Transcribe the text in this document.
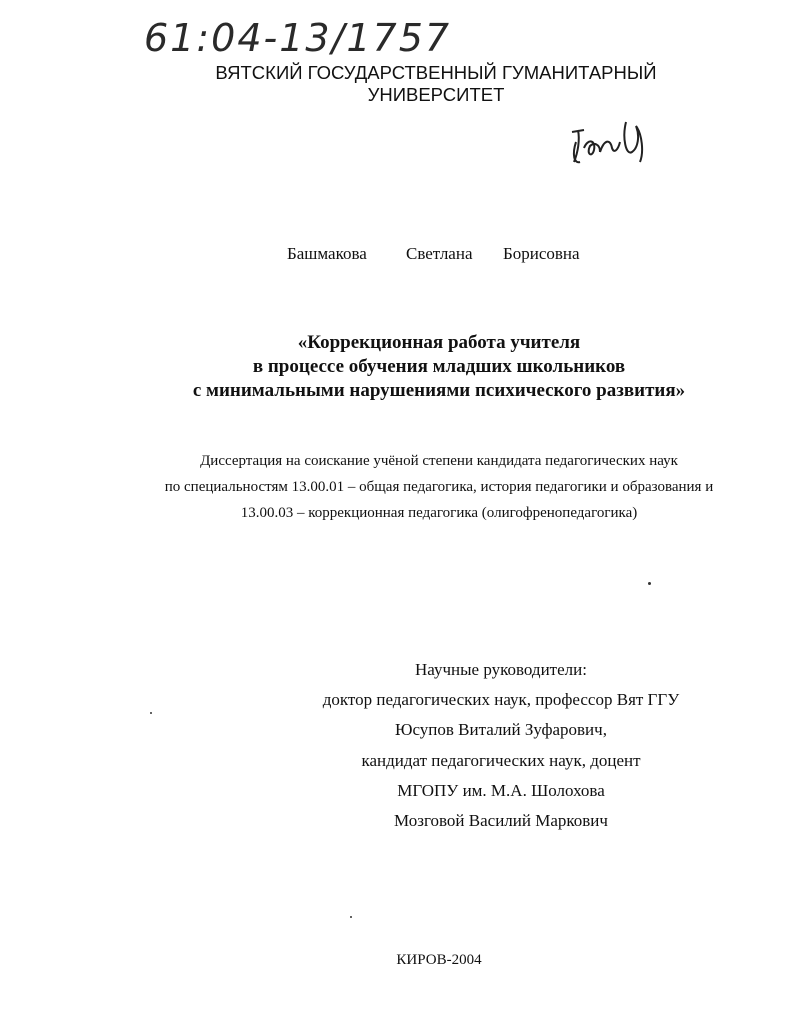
61:04-13/1757
ВЯТСКИЙ ГОСУДАРСТВЕННЫЙ ГУМАНИТАРНЫЙ
УНИВЕРСИТЕТ
Башмакова Светлана Борисовна
«Коррекционная работа учителя
в процессе обучения младших школьников
с минимальными нарушениями психического развития»
Диссертация на соискание учёной степени кандидата педагогических наук
по специальностям 13.00.01 – общая педагогика, история педагогики и образования и
13.00.03 – коррекционная педагогика (олигофренопедагогика)
Научные руководители:
доктор педагогических наук, профессор Вят ГГУ
Юсупов Виталий Зуфарович,
кандидат педагогических наук, доцент
МГОПУ им. М.А. Шолохова
Мозговой Василий Маркович
КИРОВ-2004
